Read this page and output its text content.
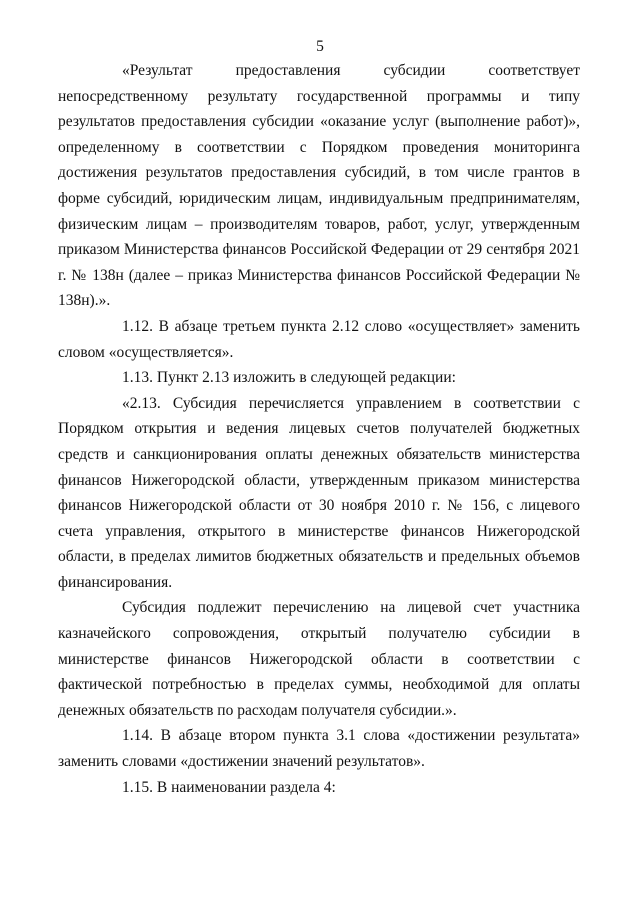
5

«Результат предоставления субсидии соответствует непосредственному результату государственной программы и типу результатов предоставления субсидии «оказание услуг (выполнение работ)», определенному в соответствии с Порядком проведения мониторинга достижения результатов предоставления субсидий, в том числе грантов в форме субсидий, юридическим лицам, индивидуальным предпринимателям, физическим лицам – производителям товаров, работ, услуг, утвержденным приказом Министерства финансов Российской Федерации от 29 сентября 2021 г. № 138н (далее – приказ Министерства финансов Российской Федерации № 138н).».

1.12. В абзаце третьем пункта 2.12 слово «осуществляет» заменить словом «осуществляется».

1.13. Пункт 2.13 изложить в следующей редакции:

«2.13. Субсидия перечисляется управлением в соответствии с Порядком открытия и ведения лицевых счетов получателей бюджетных средств и санкционирования оплаты денежных обязательств министерства финансов Нижегородской области, утвержденным приказом министерства финансов Нижегородской области от 30 ноября 2010 г. № 156, с лицевого счета управления, открытого в министерстве финансов Нижегородской области, в пределах лимитов бюджетных обязательств и предельных объемов финансирования.

Субсидия подлежит перечислению на лицевой счет участника казначейского сопровождения, открытый получателю субсидии в министерстве финансов Нижегородской области в соответствии с фактической потребностью в пределах суммы, необходимой для оплаты денежных обязательств по расходам получателя субсидии.».

1.14. В абзаце втором пункта 3.1 слова «достижении результата» заменить словами «достижении значений результатов».

1.15. В наименовании раздела 4:
